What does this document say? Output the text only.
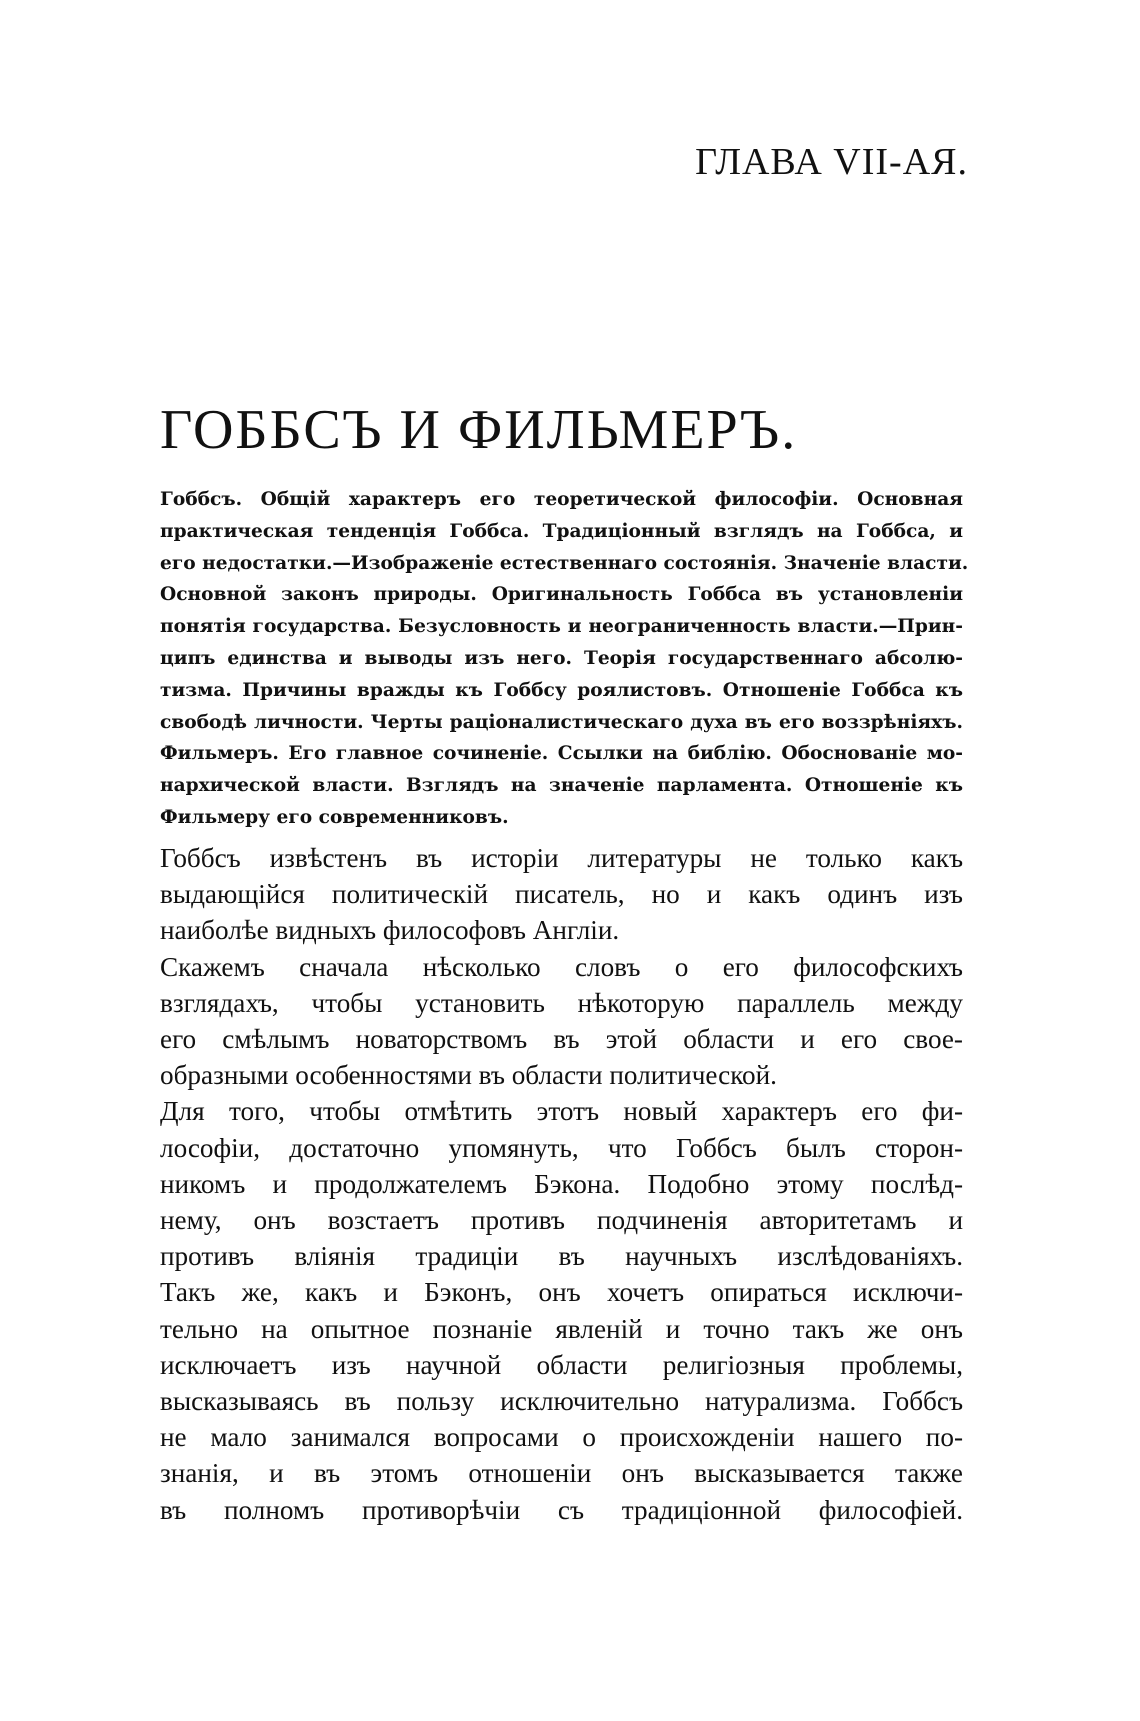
ГЛАВА VII-АЯ.
ГОББСЪ И ФИЛЬМЕРЪ.
Гоббсъ. Общій характеръ его теоретической философіи. Основная
практическая тенденція Гоббса. Традиціонный взглядъ на Гоббса, и
его недостатки.—Изображеніе естественнаго состоянія. Значеніе власти.
Основной законъ природы. Оригинальность Гоббса въ установленіи
понятія государства. Безусловность и неограниченность власти.—Прин-
ципъ единства и выводы изъ него. Теорія государственнаго абсолю-
тизма. Причины вражды къ Гоббсу роялистовъ. Отношеніе Гоббса къ
свободѣ личности. Черты раціоналистическаго духа въ его воззрѣніяхъ.
Фильмеръ. Его главное сочиненіе. Ссылки на библію. Обоснованіе мо-
нархической власти. Взглядъ на значеніе парламента. Отношеніе къ
Фильмеру его современниковъ.
Гоббсъ извѣстенъ въ исторіи литературы не только какъ
выдающійся политическій писатель, но и какъ одинъ изъ
наиболѣе видныхъ философовъ Англіи.
Скажемъ сначала нѣсколько словъ о его философскихъ
взглядахъ, чтобы установить нѣкоторую параллель между
его смѣлымъ новаторствомъ въ этой области и его свое-
образными особенностями въ области политической.
Для того, чтобы отмѣтить этотъ новый характеръ его фи-
лософіи, достаточно упомянуть, что Гоббсъ былъ сторон-
никомъ и продолжателемъ Бэкона. Подобно этому послѣд-
нему, онъ возстаетъ противъ подчиненія авторитетамъ и
противъ вліянія традиціи въ научныхъ изслѣдованіяхъ.
Такъ же, какъ и Бэконъ, онъ хочетъ опираться исключи-
тельно на опытное познаніе явленій и точно такъ же онъ
исключаетъ изъ научной области религіозныя проблемы,
высказываясь въ пользу исключительно натурализма. Гоббсъ
не мало занимался вопросами о происхожденіи нашего по-
знанія, и въ этомъ отношеніи онъ высказывается также
въ полномъ противорѣчіи съ традиціонной философіей.
